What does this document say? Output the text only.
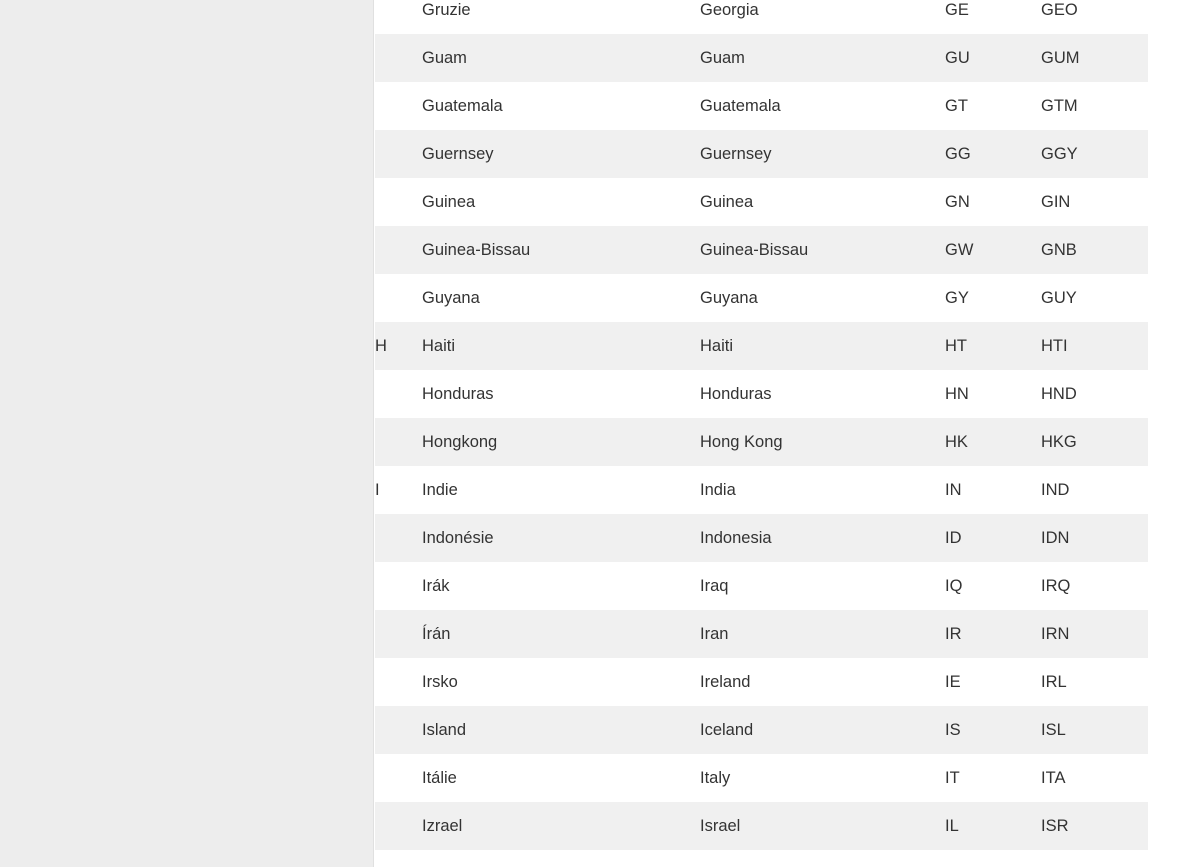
	Gruzie	Georgia	GE	GEO
	Guam	Guam	GU	GUM
	Guatemala	Guatemala	GT	GTM
	Guernsey	Guernsey	GG	GGY
	Guinea	Guinea	GN	GIN
	Guinea-Bissau	Guinea-Bissau	GW	GNB
	Guyana	Guyana	GY	GUY
H	Haiti	Haiti	HT	HTI
	Honduras	Honduras	HN	HND
	Hongkong	Hong Kong	HK	HKG
I	Indie	India	IN	IND
	Indonésie	Indonesia	ID	IDN
	Irák	Iraq	IQ	IRQ
	Írán	Iran	IR	IRN
	Irsko	Ireland	IE	IRL
	Island	Iceland	IS	ISL
	Itálie	Italy	IT	ITA
	Izrael	Israel	IL	ISR
